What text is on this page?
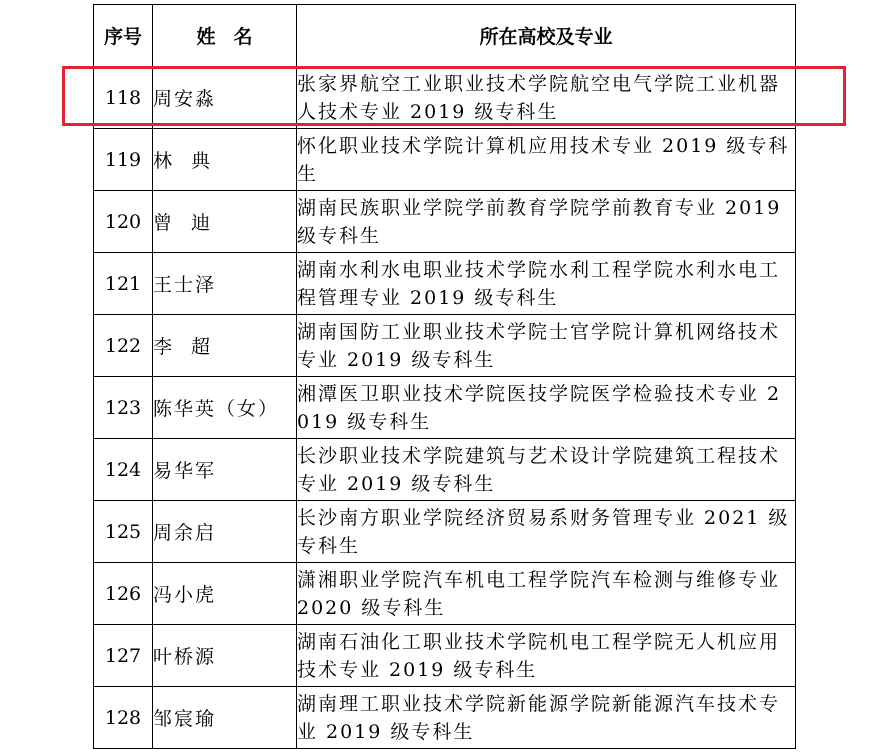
序号	姓名	所在高校及专业
118	周安淼	张家界航空工业职业技术学院航空电气学院工业机器人技术专业 2019 级专科生
119	林典	怀化职业技术学院计算机应用技术专业 2019 级专科生
120	曾迪	湖南民族职业学院学前教育学院学前教育专业 2019 级专科生
121	王士泽	湖南水利水电职业技术学院水利工程学院水利水电工程管理专业 2019 级专科生
122	李超	湖南国防工业职业技术学院士官学院计算机网络技术专业 2019 级专科生
123	陈华英（女）	湘潭医卫职业技术学院医技学院医学检验技术专业 2019 级专科生
124	易华军	长沙职业技术学院建筑与艺术设计学院建筑工程技术专业 2019 级专科生
125	周余启	长沙南方职业学院经济贸易系财务管理专业 2021 级专科生
126	冯小虎	潇湘职业学院汽车机电工程学院汽车检测与维修专业 2020 级专科生
127	叶桥源	湖南石油化工职业技术学院机电工程学院无人机应用技术专业 2019 级专科生
128	邹宸瑜	湖南理工职业技术学院新能源学院新能源汽车技术专业 2019 级专科生
